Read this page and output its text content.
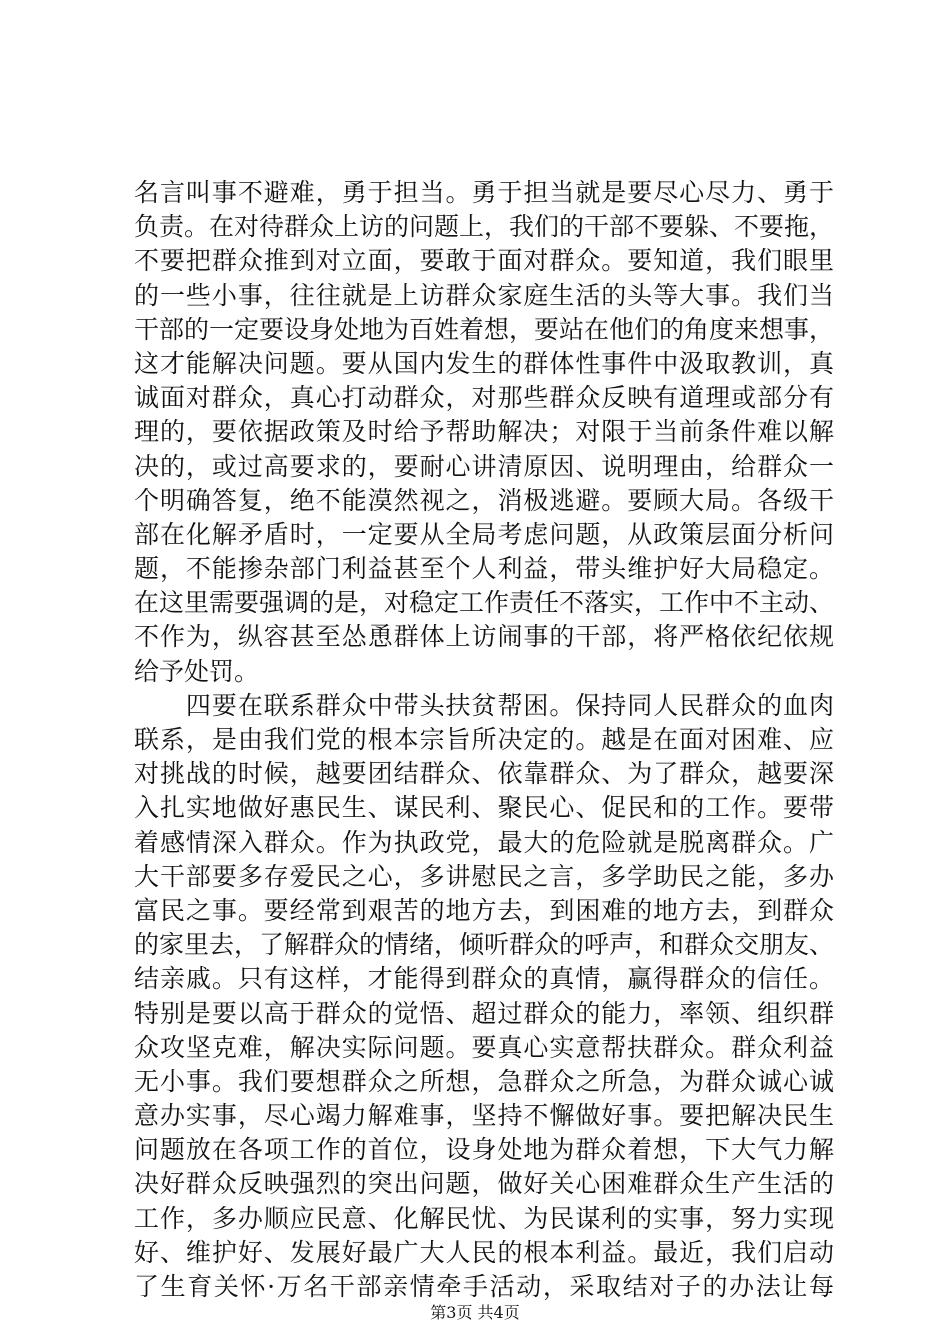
名言叫事不避难，勇于担当。勇于担当就是要尽心尽力、勇于
负责。在对待群众上访的问题上，我们的干部不要躲、不要拖，
不要把群众推到对立面，要敢于面对群众。要知道，我们眼里
的一些小事，往往就是上访群众家庭生活的头等大事。我们当
干部的一定要设身处地为百姓着想，要站在他们的角度来想事，
这才能解决问题。要从国内发生的群体性事件中汲取教训，真
诚面对群众，真心打动群众，对那些群众反映有道理或部分有
理的，要依据政策及时给予帮助解决；对限于当前条件难以解
决的，或过高要求的，要耐心讲清原因、说明理由，给群众一
个明确答复，绝不能漠然视之，消极逃避。要顾大局。各级干
部在化解矛盾时，一定要从全局考虑问题，从政策层面分析问
题，不能掺杂部门利益甚至个人利益，带头维护好大局稳定。
在这里需要强调的是，对稳定工作责任不落实，工作中不主动、
不作为，纵容甚至怂恿群体上访闹事的干部，将严格依纪依规
给予处罚。
　　四要在联系群众中带头扶贫帮困。保持同人民群众的血肉
联系，是由我们党的根本宗旨所决定的。越是在面对困难、应
对挑战的时候，越要团结群众、依靠群众、为了群众，越要深
入扎实地做好惠民生、谋民利、聚民心、促民和的工作。要带
着感情深入群众。作为执政党，最大的危险就是脱离群众。广
大干部要多存爱民之心，多讲慰民之言，多学助民之能，多办
富民之事。要经常到艰苦的地方去，到困难的地方去，到群众
的家里去，了解群众的情绪，倾听群众的呼声，和群众交朋友、
结亲戚。只有这样，才能得到群众的真情，赢得群众的信任。
特别是要以高于群众的觉悟、超过群众的能力，率领、组织群
众攻坚克难，解决实际问题。要真心实意帮扶群众。群众利益
无小事。我们要想群众之所想，急群众之所急，为群众诚心诚
意办实事，尽心竭力解难事，坚持不懈做好事。要把解决民生
问题放在各项工作的首位，设身处地为群众着想，下大气力解
决好群众反映强烈的突出问题，做好关心困难群众生产生活的
工作，多办顺应民意、化解民忧、为民谋利的实事，努力实现
好、维护好、发展好最广大人民的根本利益。最近，我们启动
了生育关怀·万名干部亲情牵手活动，采取结对子的办法让每
第3页 共4页
